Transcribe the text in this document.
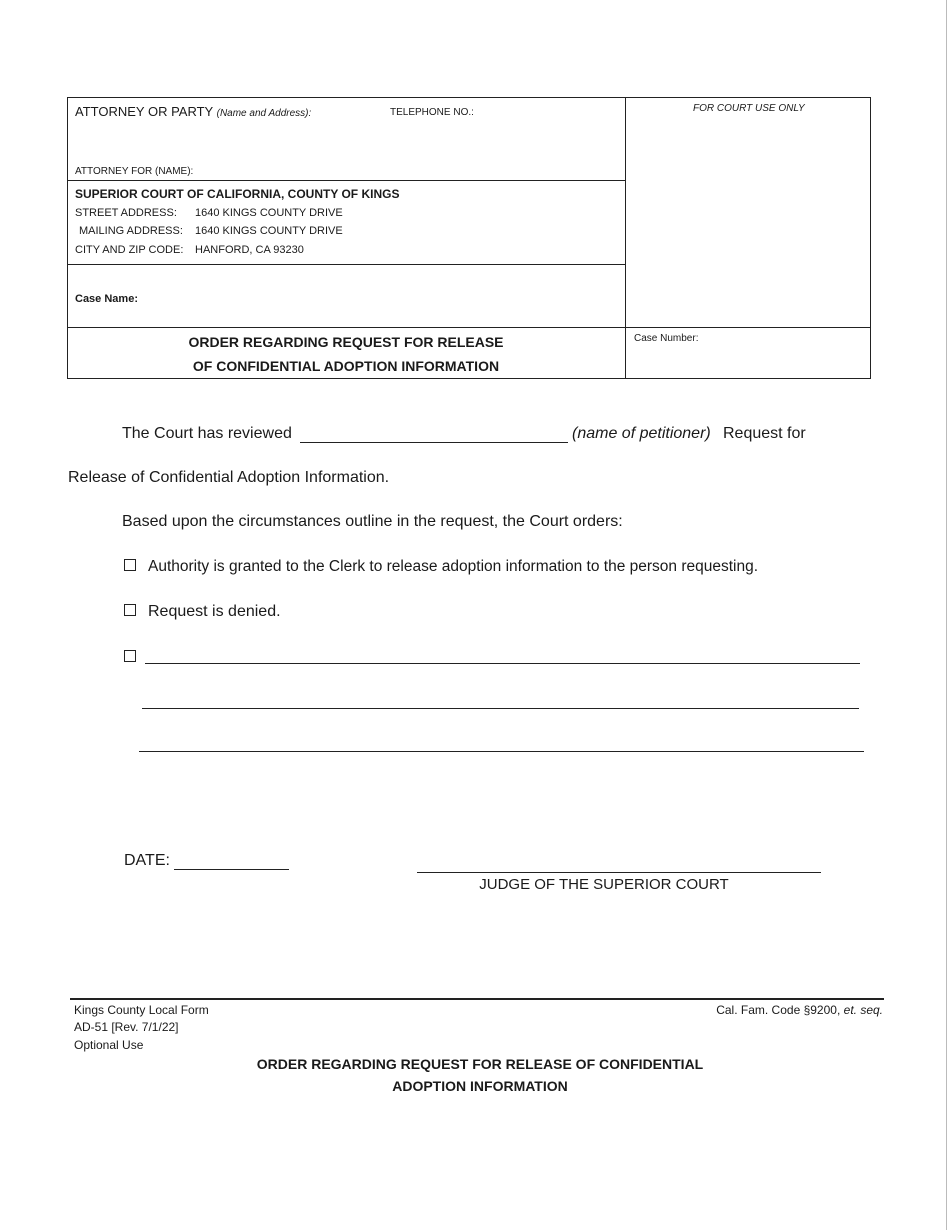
ATTORNEY OR PARTY (Name and Address):	TELEPHONE NO.:
ATTORNEY FOR (NAME):
FOR COURT USE ONLY
SUPERIOR COURT OF CALIFORNIA, COUNTY OF KINGS
STREET ADDRESS: 1640 KINGS COUNTY DRIVE
MAILING ADDRESS: 1640 KINGS COUNTY DRIVE
CITY AND ZIP CODE: HANFORD, CA 93230
Case Name:
ORDER REGARDING REQUEST FOR RELEASE
OF CONFIDENTIAL ADOPTION INFORMATION
Case Number:
The Court has reviewed	(name of petitioner) Request for
Release of Confidential Adoption Information.
Based upon the circumstances outline in the request, the Court orders:
Authority is granted to the Clerk to release adoption information to the person requesting.
Request is denied.
DATE:
JUDGE OF THE SUPERIOR COURT
Kings County Local Form
AD-51 [Rev. 7/1/22]
Optional Use
Cal. Fam. Code §9200, et. seq.
ORDER REGARDING REQUEST FOR RELEASE OF CONFIDENTIAL
ADOPTION INFORMATION
